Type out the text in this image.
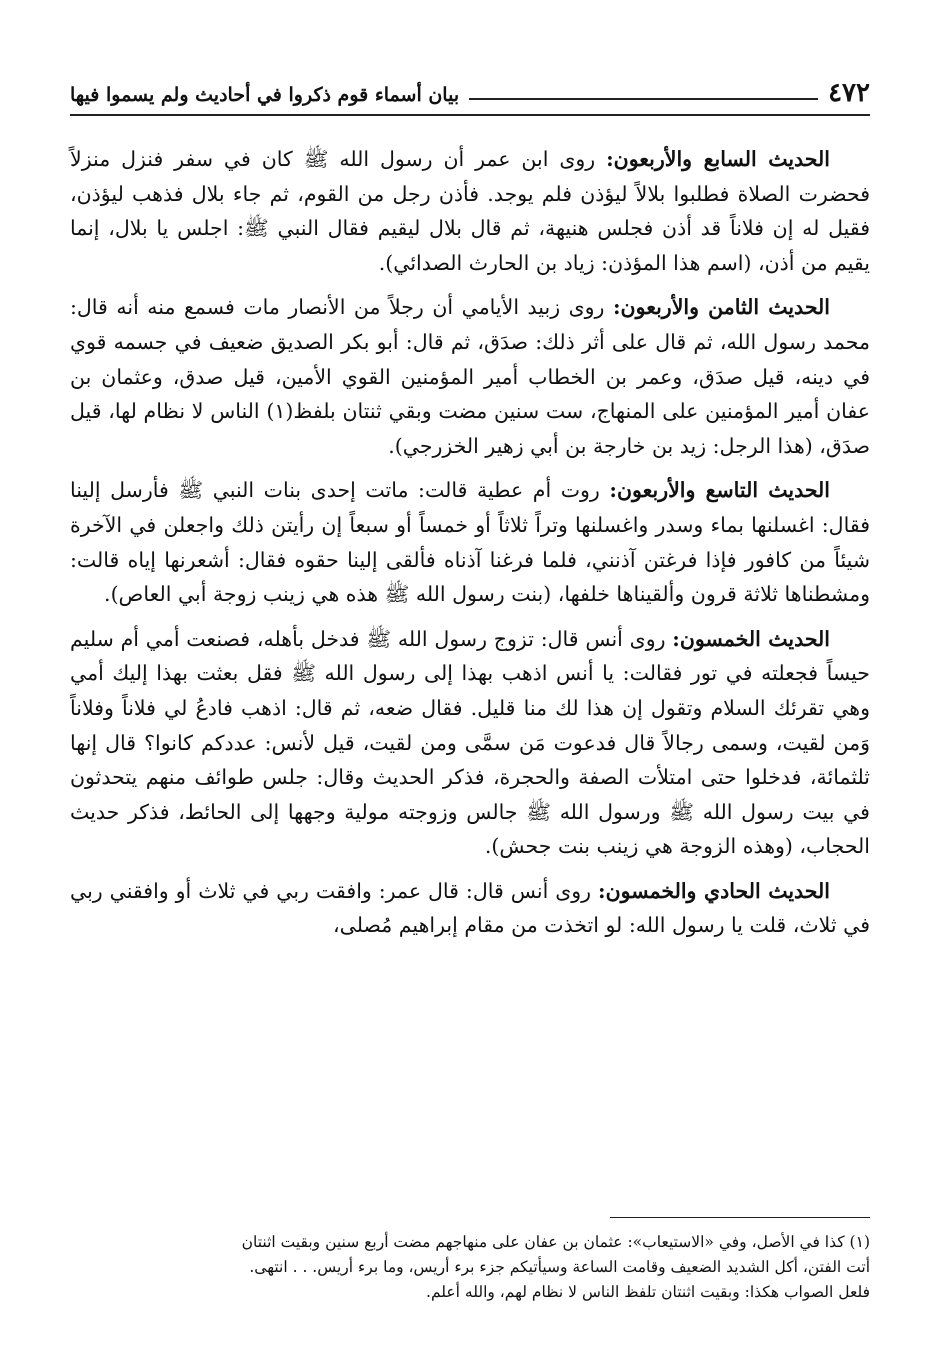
٤٧٢
بيان أسماء قوم ذكروا في أحاديث ولم يسموا فيها

الحديث السابع والأربعون: روى ابن عمر أن رسول الله ﷺ كان في سفر فنزل منزلاً فحضرت الصلاة فطلبوا بلالاً ليؤذن فلم يوجد. فأذن رجل من القوم، ثم جاء بلال فذهب ليؤذن، فقيل له إن فلاناً قد أذن فجلس هنيهة، ثم قال بلال ليقيم فقال النبي ﷺ: اجلس يا بلال، إنما يقيم من أذن، (اسم هذا المؤذن: زياد بن الحارث الصدائي).

الحديث الثامن والأربعون: روى زبيد الأيامي أن رجلاً من الأنصار مات فسمع منه أنه قال: محمد رسول الله، ثم قال على أثر ذلك: صدَق، ثم قال: أبو بكر الصديق ضعيف في جسمه قوي في دينه، قيل صدَق، وعمر بن الخطاب أمير المؤمنين القوي الأمين، قيل صدق، وعثمان بن عفان أمير المؤمنين على المنهاج، ست سنين مضت وبقي ثنتان بلفظ(١) الناس لا نظام لها، قيل صدَق، (هذا الرجل: زيد بن خارجة بن أبي زهير الخزرجي).

الحديث التاسع والأربعون: روت أم عطية قالت: ماتت إحدى بنات النبي ﷺ فأرسل إلينا فقال: اغسلنها بماء وسدر واغسلنها وتراً ثلاثاً أو خمساً أو سبعاً إن رأيتن ذلك واجعلن في الآخرة شيئاً من كافور فإذا فرغتن آذنني، فلما فرغنا آذناه فألقى إلينا حقوه فقال: أشعرنها إياه قالت: ومشطناها ثلاثة قرون وألقيناها خلفها، (بنت رسول الله ﷺ هذه هي زينب زوجة أبي العاص).

الحديث الخمسون: روى أنس قال: تزوج رسول الله ﷺ فدخل بأهله، فصنعت أمي أم سليم حيساً فجعلته في تور فقالت: يا أنس اذهب بهذا إلى رسول الله ﷺ فقل بعثت بهذا إليك أمي وهي تقرئك السلام وتقول إن هذا لك منا قليل. فقال ضعه، ثم قال: اذهب فادعُ لي فلاناً وفلاناً وَمن لقيت، وسمى رجالاً قال فدعوت مَن سمَّى ومن لقيت، قيل لأنس: عددكم كانوا؟ قال إنها ثلثمائة، فدخلوا حتى امتلأت الصفة والحجرة، فذكر الحديث وقال: جلس طوائف منهم يتحدثون في بيت رسول الله ﷺ ورسول الله ﷺ جالس وزوجته مولية وجهها إلى الحائط، فذكر حديث الحجاب، (وهذه الزوجة هي زينب بنت جحش).

الحديث الحادي والخمسون: روى أنس قال: قال عمر: وافقت ربي في ثلاث أو وافقني ربي في ثلاث، قلت يا رسول الله: لو اتخذت من مقام إبراهيم مُصلى،

(١) كذا في الأصل، وفي «الاستيعاب»: عثمان بن عفان على منهاجهم مضت أربع سنين وبقيت اثنتان

أتت الفتن، أكل الشديد الضعيف وقامت الساعة وسيأتيكم جزء برء أريس، وما برء أريس. . . انتهى.

فلعل الصواب هكذا: وبقيت اثنتان تلفظ الناس لا نظام لهم، والله أعلم.
